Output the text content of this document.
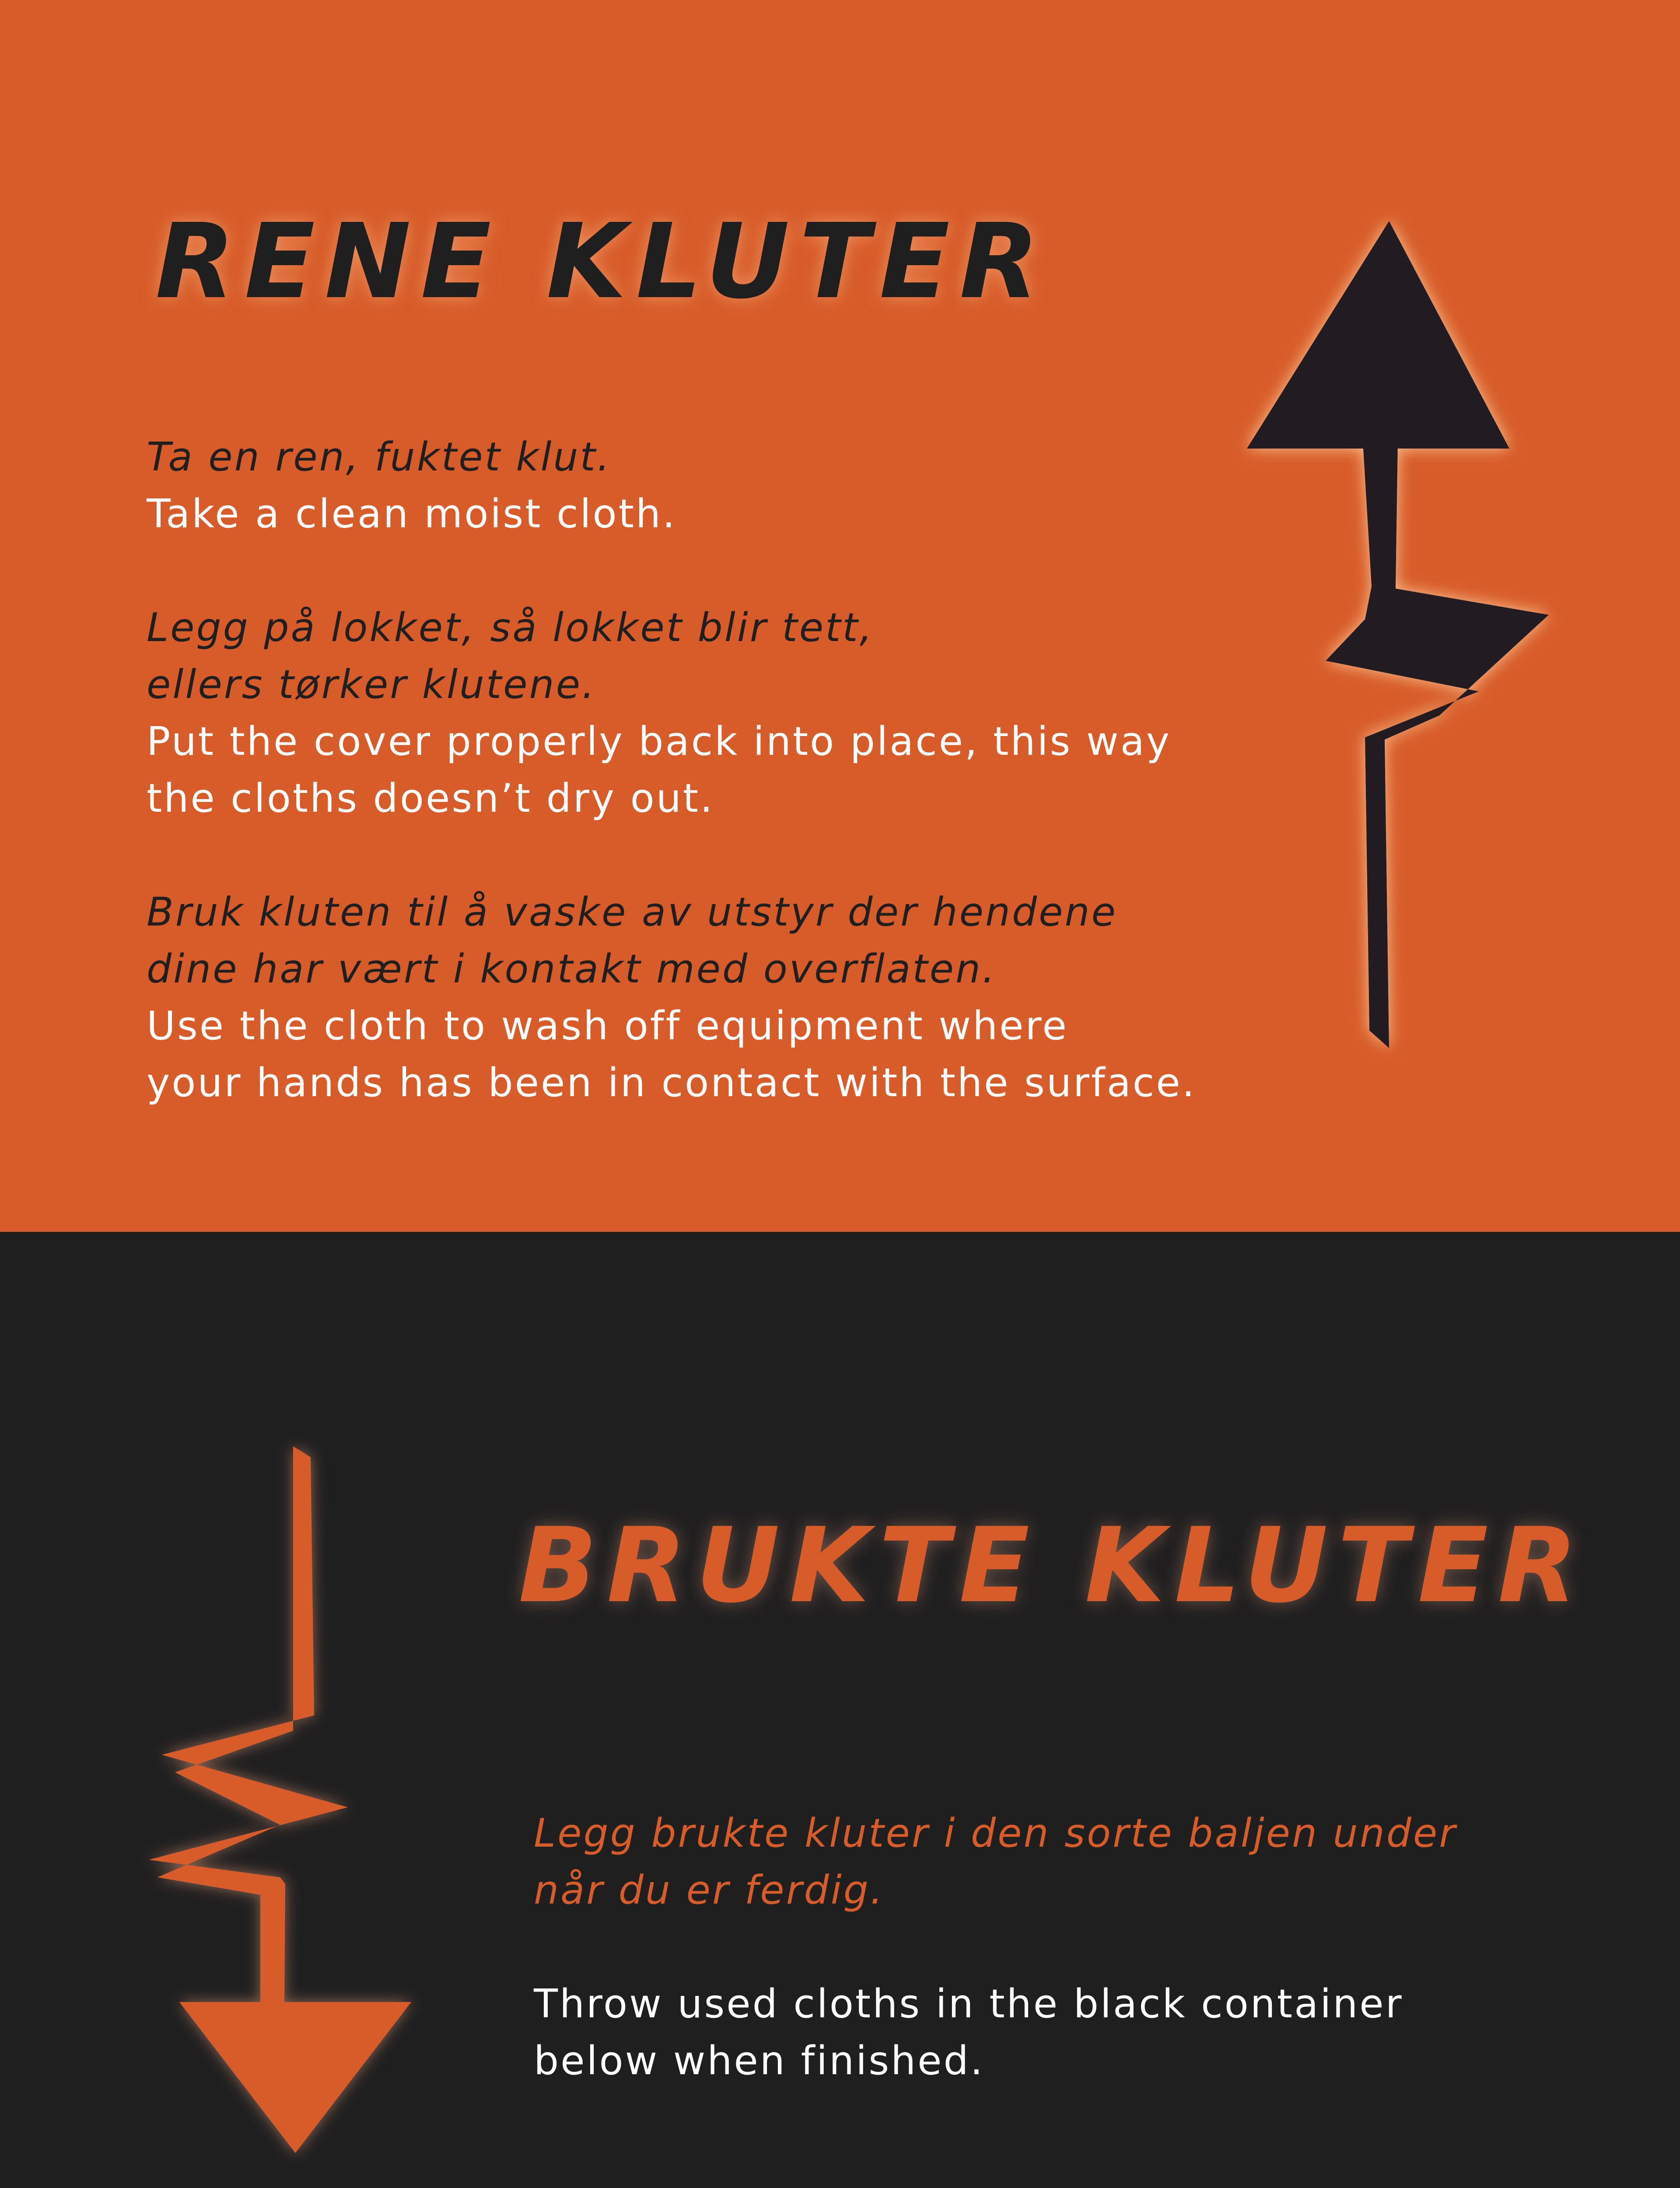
RENE KLUTER

Ta en ren, fuktet klut.
Take a clean moist cloth.

Legg på lokket, så lokket blir tett,
ellers tørker klutene.
Put the cover properly back into place, this way
the cloths doesn’t dry out.

Bruk kluten til å vaske av utstyr der hendene
dine har vært i kontakt med overflaten.
Use the cloth to wash off equipment where
your hands has been in contact with the surface.

BRUKTE KLUTER

Legg brukte kluter i den sorte baljen under
når du er ferdig.

Throw used cloths in the black container
below when finished.
